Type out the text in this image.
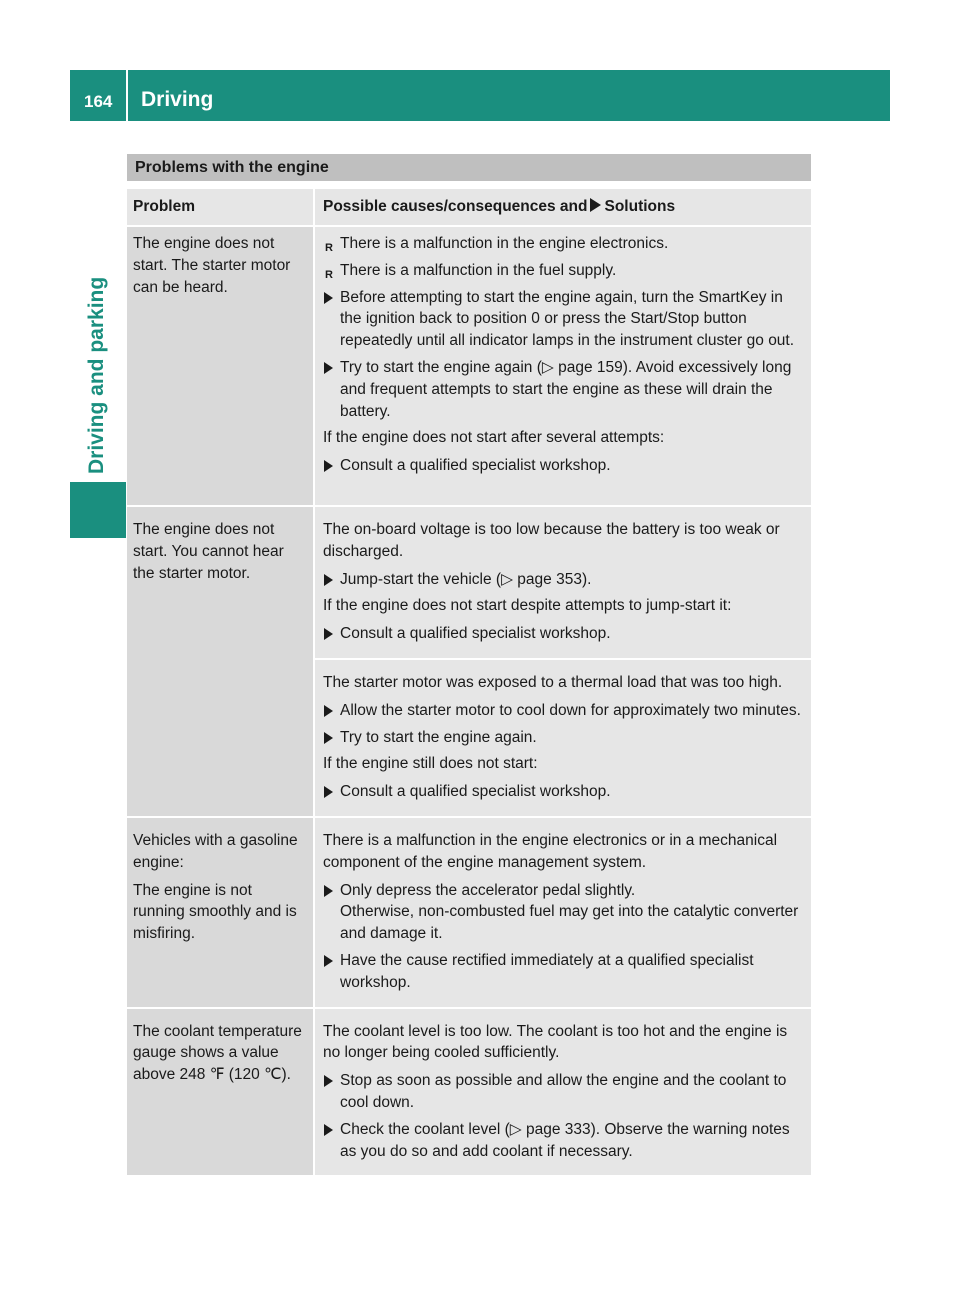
164 Driving
Driving and parking
Problems with the engine
Problem	Possible causes/consequences and Solutions

The engine does not start. The starter motor can be heard.

R There is a malfunction in the engine electronics.
R There is a malfunction in the fuel supply.
Before attempting to start the engine again, turn the SmartKey in the ignition back to position 0 or press the Start/Stop button repeatedly until all indicator lamps in the instrument cluster go out.
Try to start the engine again (▷ page 159). Avoid excessively long and frequent attempts to start the engine as these will drain the battery.

If the engine does not start after several attempts:

Consult a qualified specialist workshop.

The engine does not start. You cannot hear the starter motor.

The on-board voltage is too low because the battery is too weak or discharged.

Jump-start the vehicle (▷ page 353).

If the engine does not start despite attempts to jump-start it:

Consult a qualified specialist workshop.

The starter motor was exposed to a thermal load that was too high.

Allow the starter motor to cool down for approximately two minutes.
Try to start the engine again.

If the engine still does not start:

Consult a qualified specialist workshop.

Vehicles with a gasoline engine:

The engine is not running smoothly and is misfiring.

There is a malfunction in the engine electronics or in a mechanical component of the engine management system.

Only depress the accelerator pedal slightly.
Otherwise, non-combusted fuel may get into the catalytic converter and damage it.
Have the cause rectified immediately at a qualified specialist workshop.

The coolant temperature gauge shows a value above 248 ℉ (120 ℃).

The coolant level is too low. The coolant is too hot and the engine is no longer being cooled sufficiently.

Stop as soon as possible and allow the engine and the coolant to cool down.
Check the coolant level (▷ page 333). Observe the warning notes as you do so and add coolant if necessary.
